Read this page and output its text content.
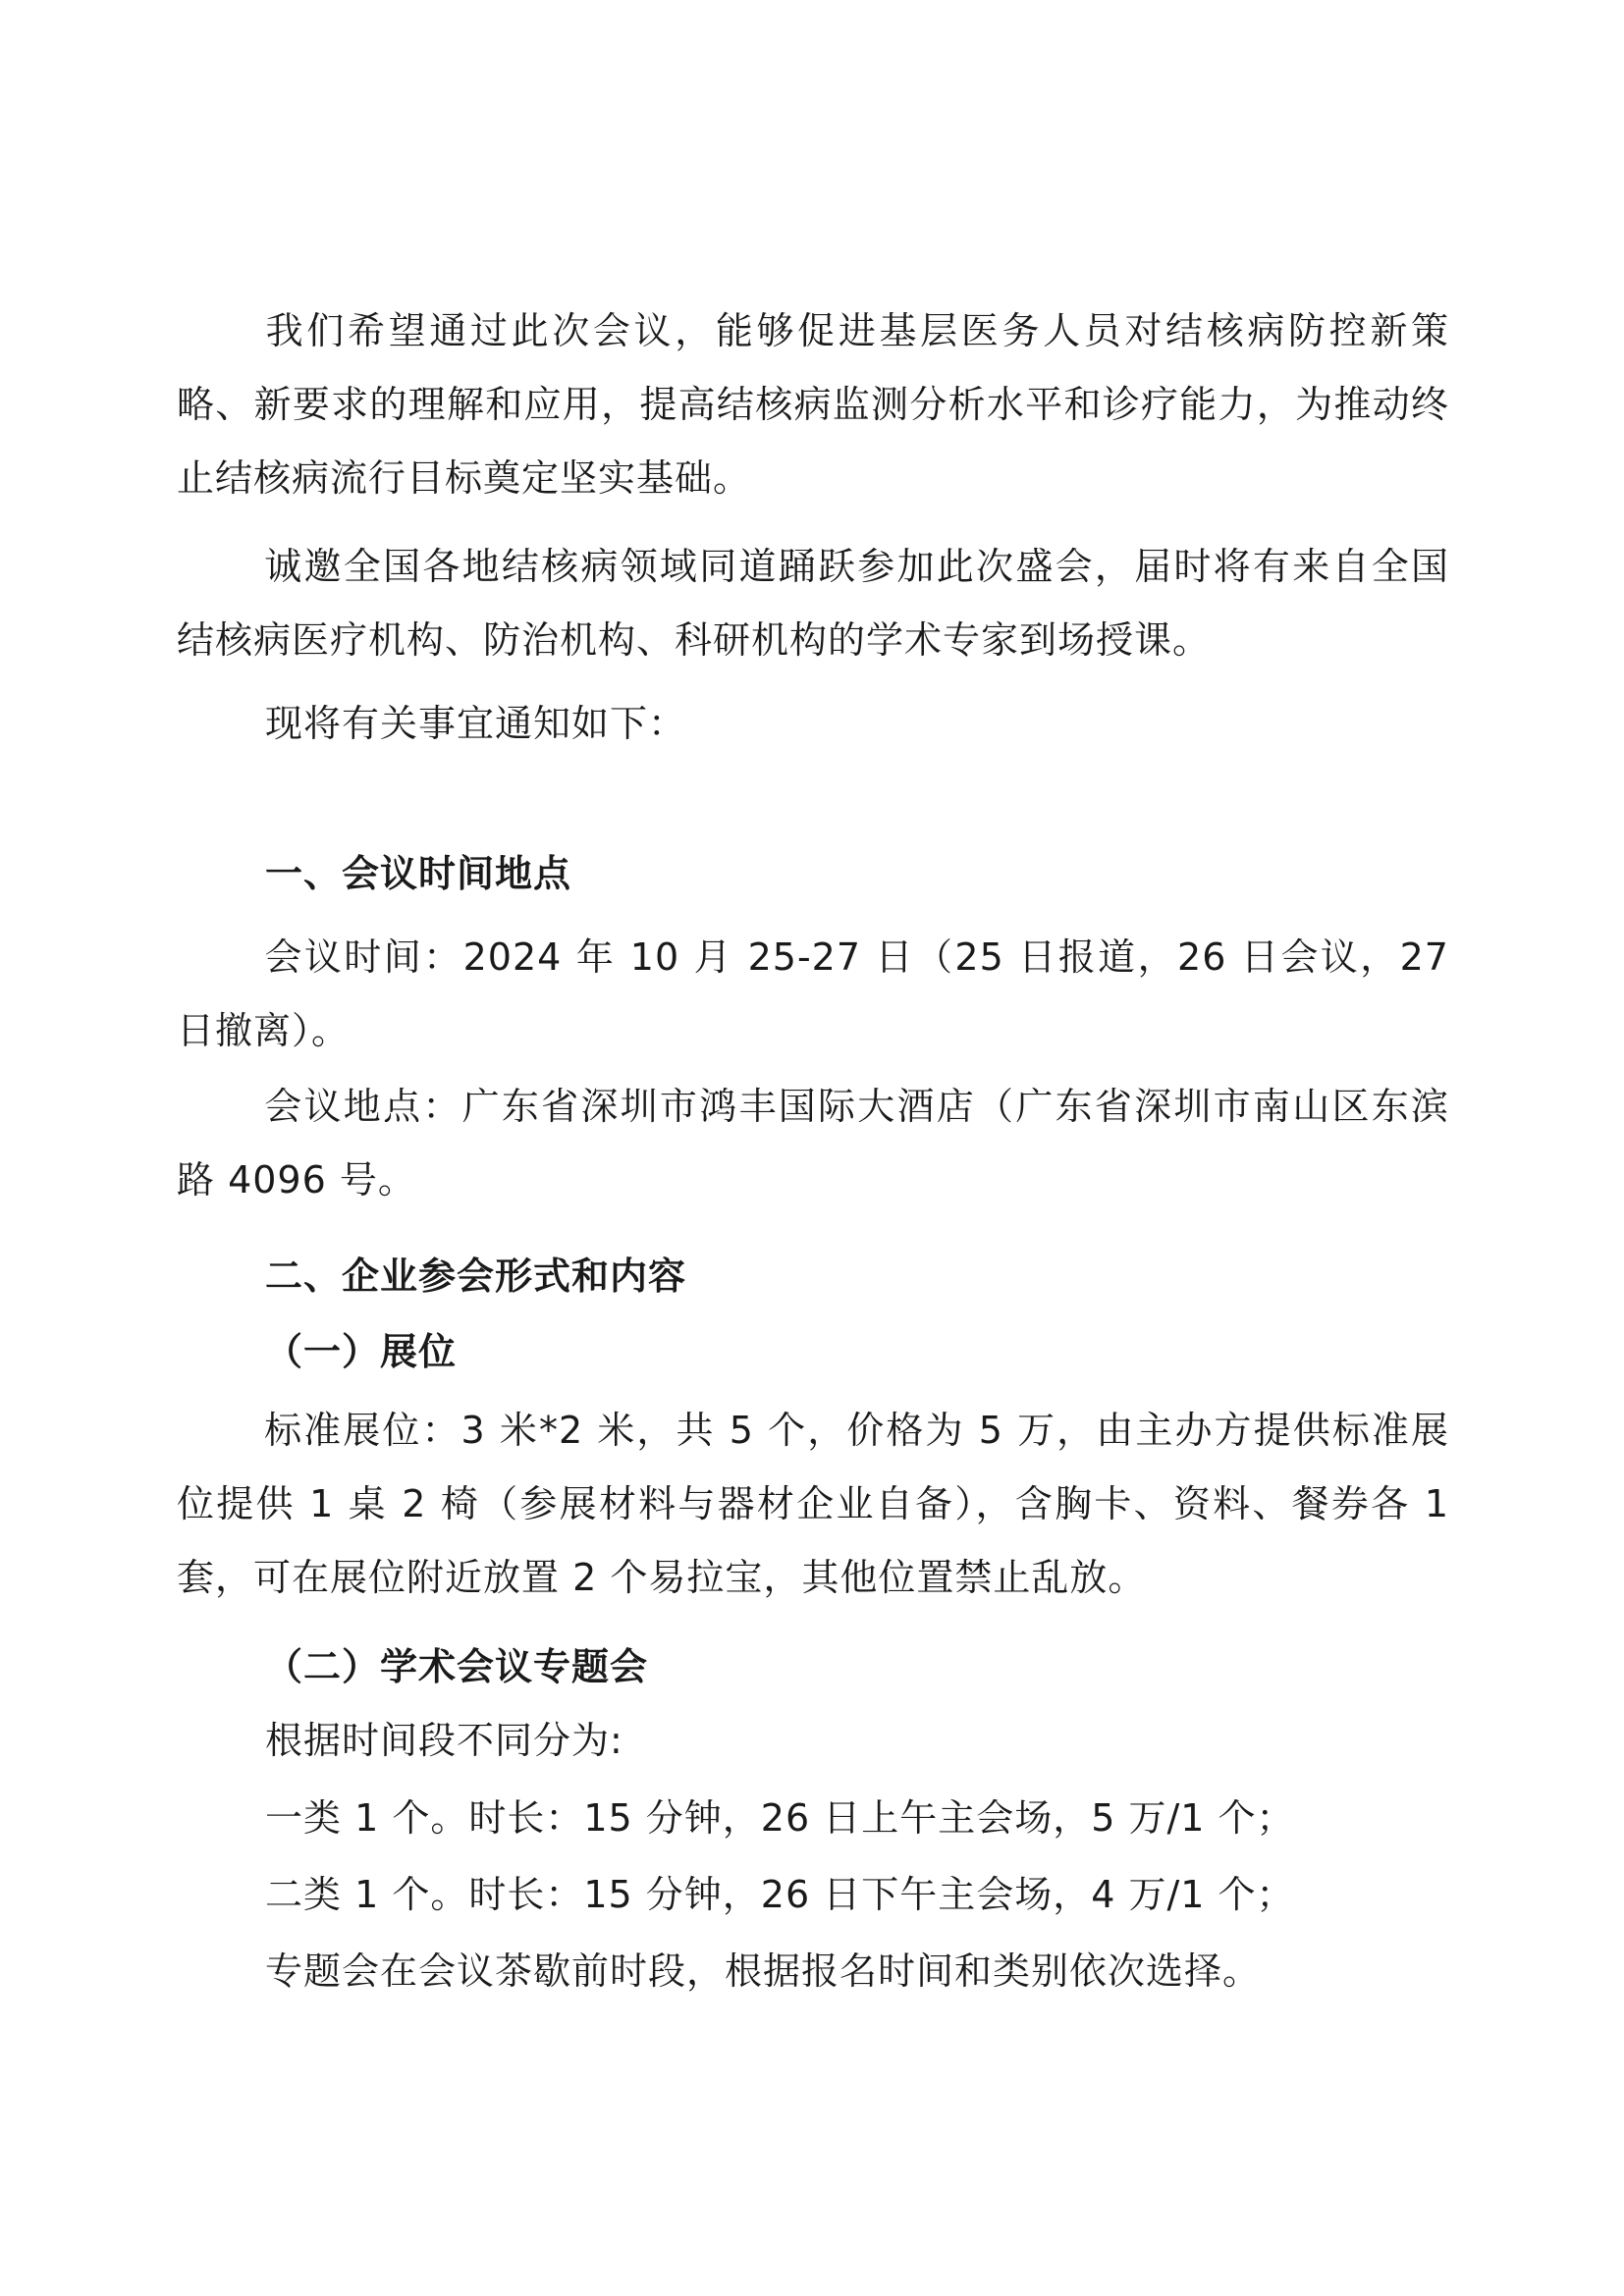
我们希望通过此次会议，能够促进基层医务人员对结核病防控新策略、新要求的理解和应用，提高结核病监测分析水平和诊疗能力，为推动终止结核病流行目标奠定坚实基础。
诚邀全国各地结核病领域同道踊跃参加此次盛会，届时将有来自全国结核病医疗机构、防治机构、科研机构的学术专家到场授课。
现将有关事宜通知如下：
一、会议时间地点
会议时间：2024 年 10 月 25-27 日（25 日报道，26 日会议，27 日撤离）。
会议地点：广东省深圳市鸿丰国际大酒店（广东省深圳市南山区东滨路 4096 号。
二、企业参会形式和内容
（一）展位
标准展位：3 米*2 米，共 5 个，价格为 5 万，由主办方提供标准展位提供 1 桌 2 椅（参展材料与器材企业自备），含胸卡、资料、餐券各 1 套，可在展位附近放置 2 个易拉宝，其他位置禁止乱放。
（二）学术会议专题会
根据时间段不同分为:
一类 1 个。时长：15 分钟，26 日上午主会场，5 万/1 个；
二类 1 个。时长：15 分钟，26 日下午主会场，4 万/1 个；
专题会在会议茶歇前时段，根据报名时间和类别依次选择。
